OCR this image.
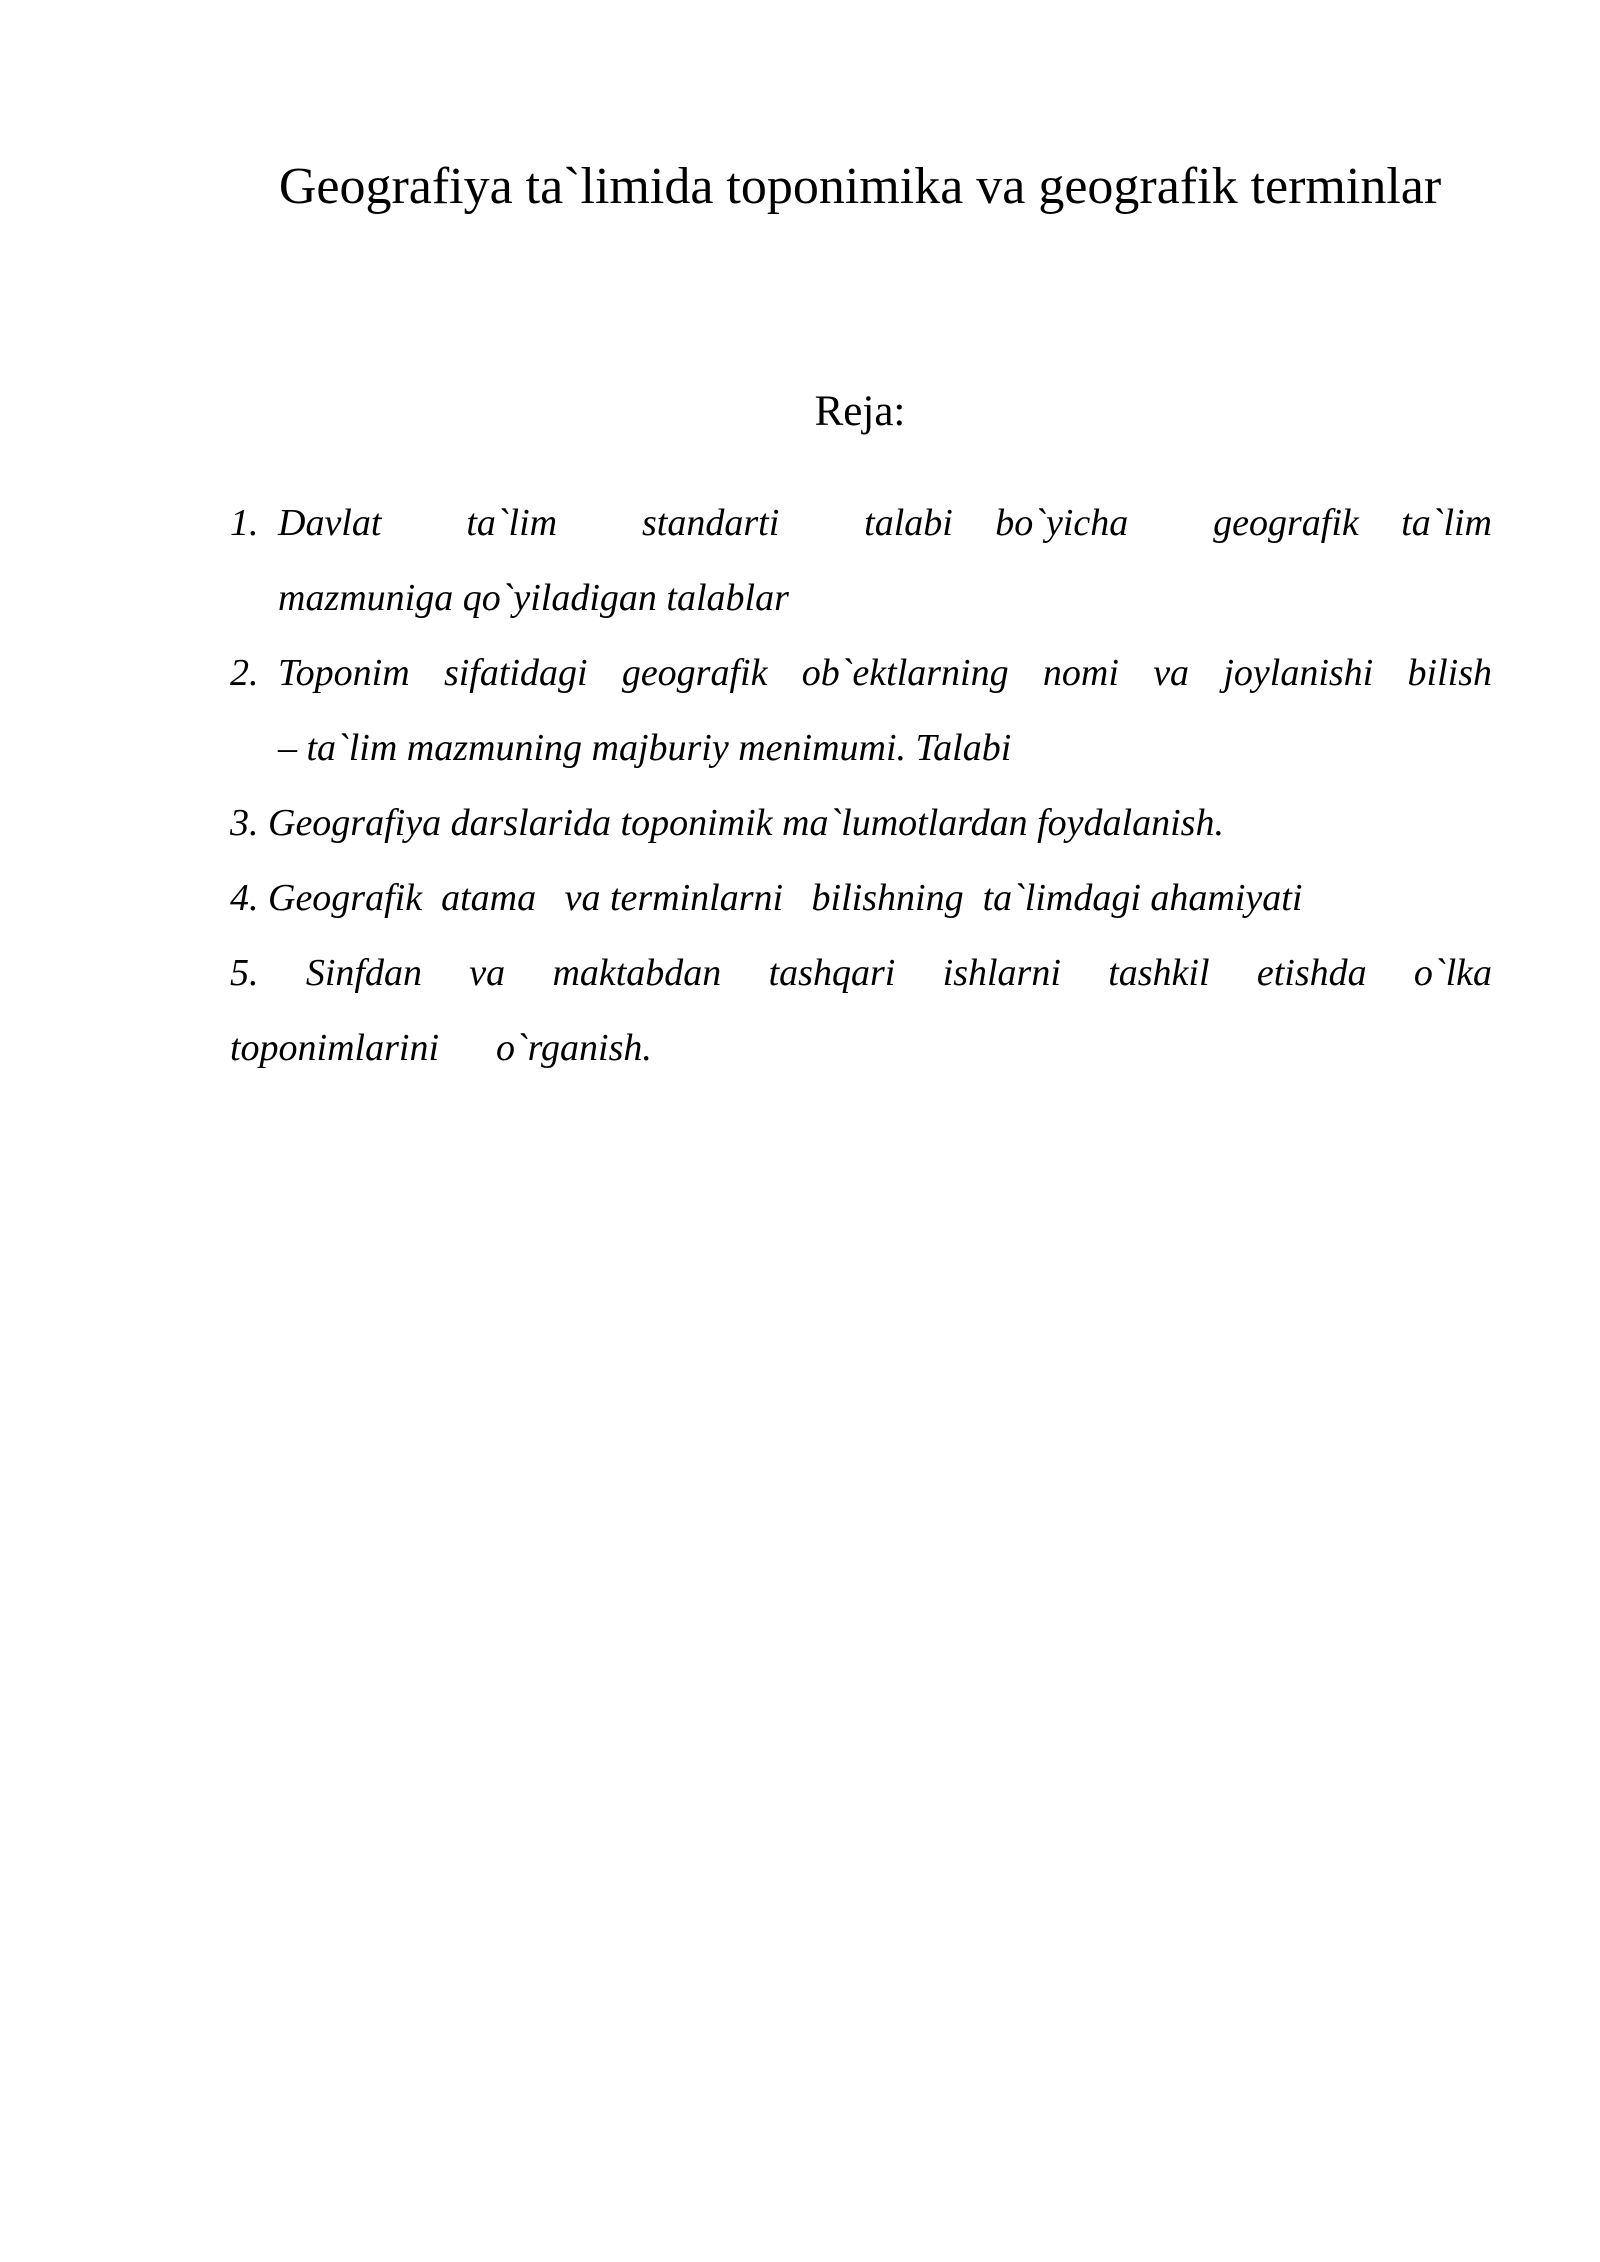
Geografiya ta`limida toponimika va geografik terminlar

Reja:

1. Davlat    ta`lim    standarti    talabi  bo`yicha    geografik  ta`lim
mazmuniga qo`yiladigan talablar
2. Toponim sifatidagi geografik ob`ektlarning nomi va joylanishi bilish
– ta`lim mazmuning majburiy menimumi. Talabi
3. Geografiya darslarida toponimik ma`lumotlardan foydalanish.
4. Geografik  atama   va terminlarni   bilishning  ta`limdagi ahamiyati
5. Sinfdan va maktabdan tashqari ishlarni tashkil etishda o`lka
toponimlarini      o`rganish.
